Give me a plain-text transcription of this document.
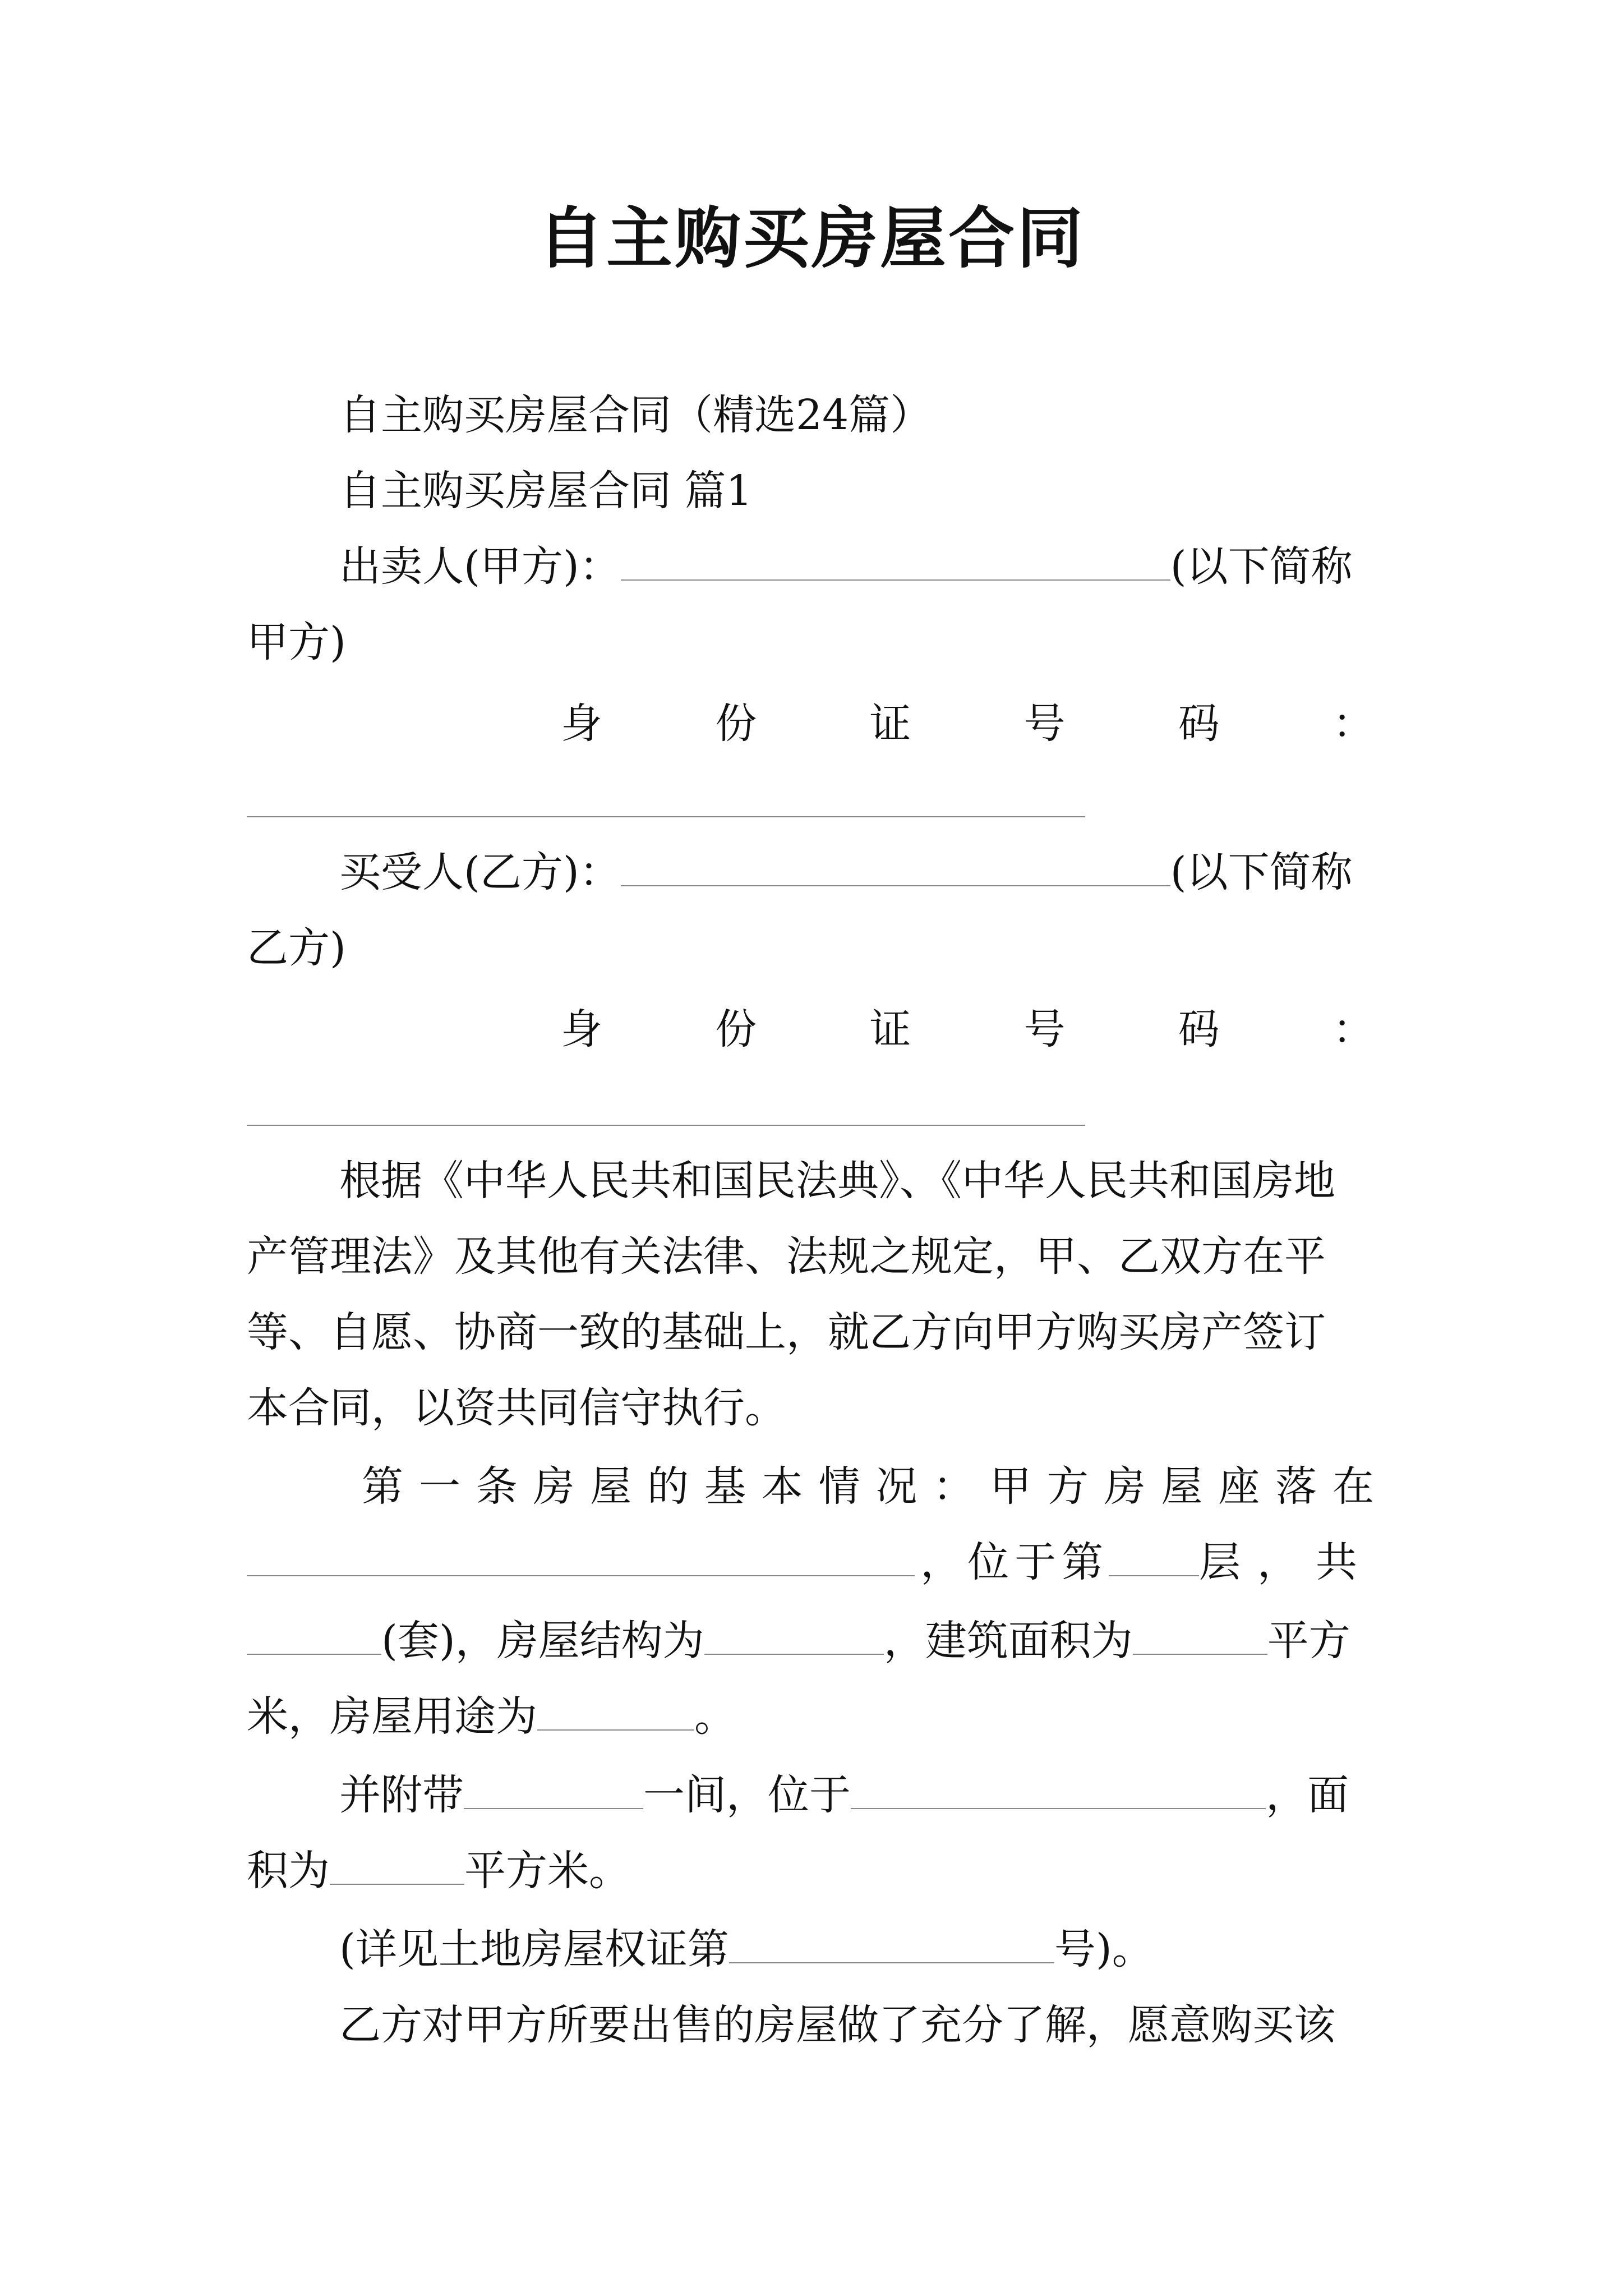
自主购买房屋合同
自主购买房屋合同（精选24篇）
自主购买房屋合同 篇1
出卖人(甲方)：	(以下简称
甲方)
身	份	证	号	码	：
买受人(乙方)：	(以下简称
乙方)
身	份	证	号	码	：
根据《中华人民共和国民法典》、《中华人民共和国房地
产管理法》及其他有关法律、法规之规定，甲、乙双方在平
等、自愿、协商一致的基础上，就乙方向甲方购买房产签订
本合同，以资共同信守执行。
第一条房屋的基本情况：甲方房屋座落在
，位于第 层，共
(套)，房屋结构为	，建筑面积为	平方
米，房屋用途为	。
并附带	一间，位于	，面
积为	平方米。
(详见土地房屋权证第	号)。
乙方对甲方所要出售的房屋做了充分了解，愿意购买该
